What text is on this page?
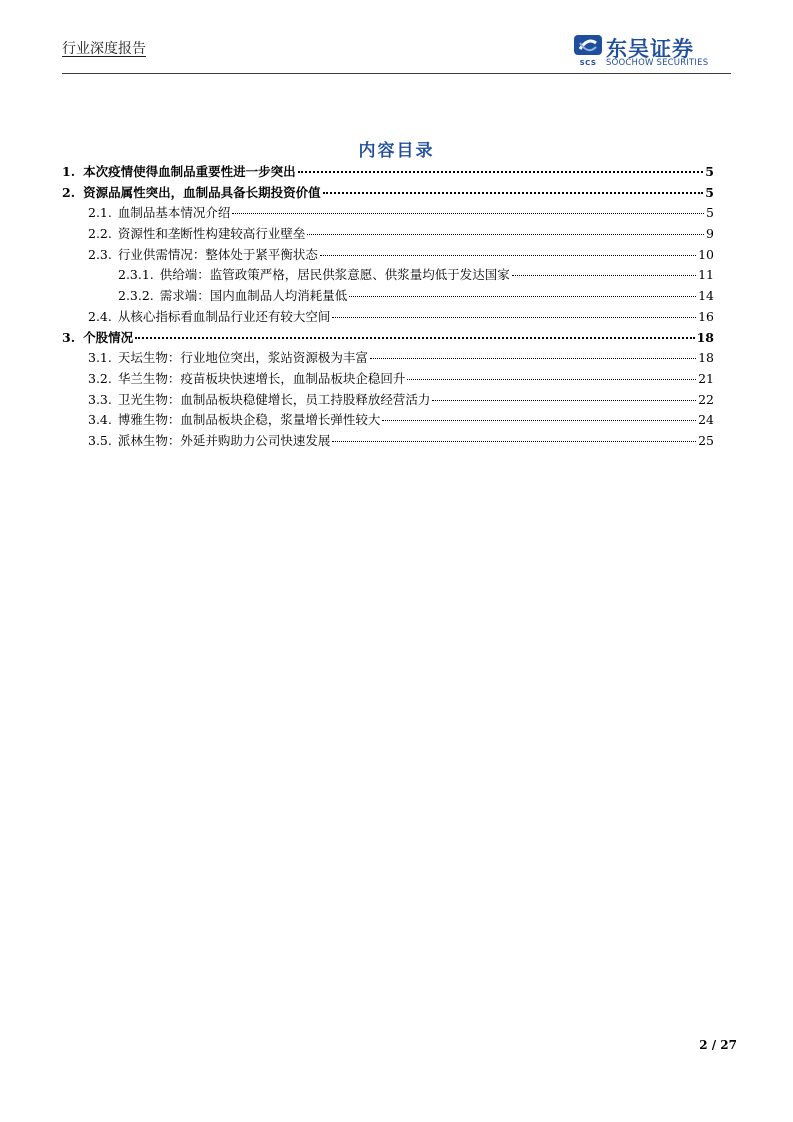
行业深度报告
SCS
东吴证券
SOOCHOW SECURITIES
内容目录
1. 本次疫情使得血制品重要性进一步突出	5
2. 资源品属性突出，血制品具备长期投资价值	5
2.1. 血制品基本情况介绍	5
2.2. 资源性和垄断性构建较高行业壁垒	9
2.3. 行业供需情况：整体处于紧平衡状态	10
2.3.1. 供给端：监管政策严格，居民供浆意愿、供浆量均低于发达国家	11
2.3.2. 需求端：国内血制品人均消耗量低	14
2.4. 从核心指标看血制品行业还有较大空间	16
3. 个股情况	18
3.1. 天坛生物：行业地位突出，浆站资源极为丰富	18
3.2. 华兰生物：疫苗板块快速增长，血制品板块企稳回升	21
3.3. 卫光生物：血制品板块稳健增长，员工持股释放经营活力	22
3.4. 博雅生物：血制品板块企稳，浆量增长弹性较大	24
3.5. 派林生物：外延并购助力公司快速发展	25
2 / 27
